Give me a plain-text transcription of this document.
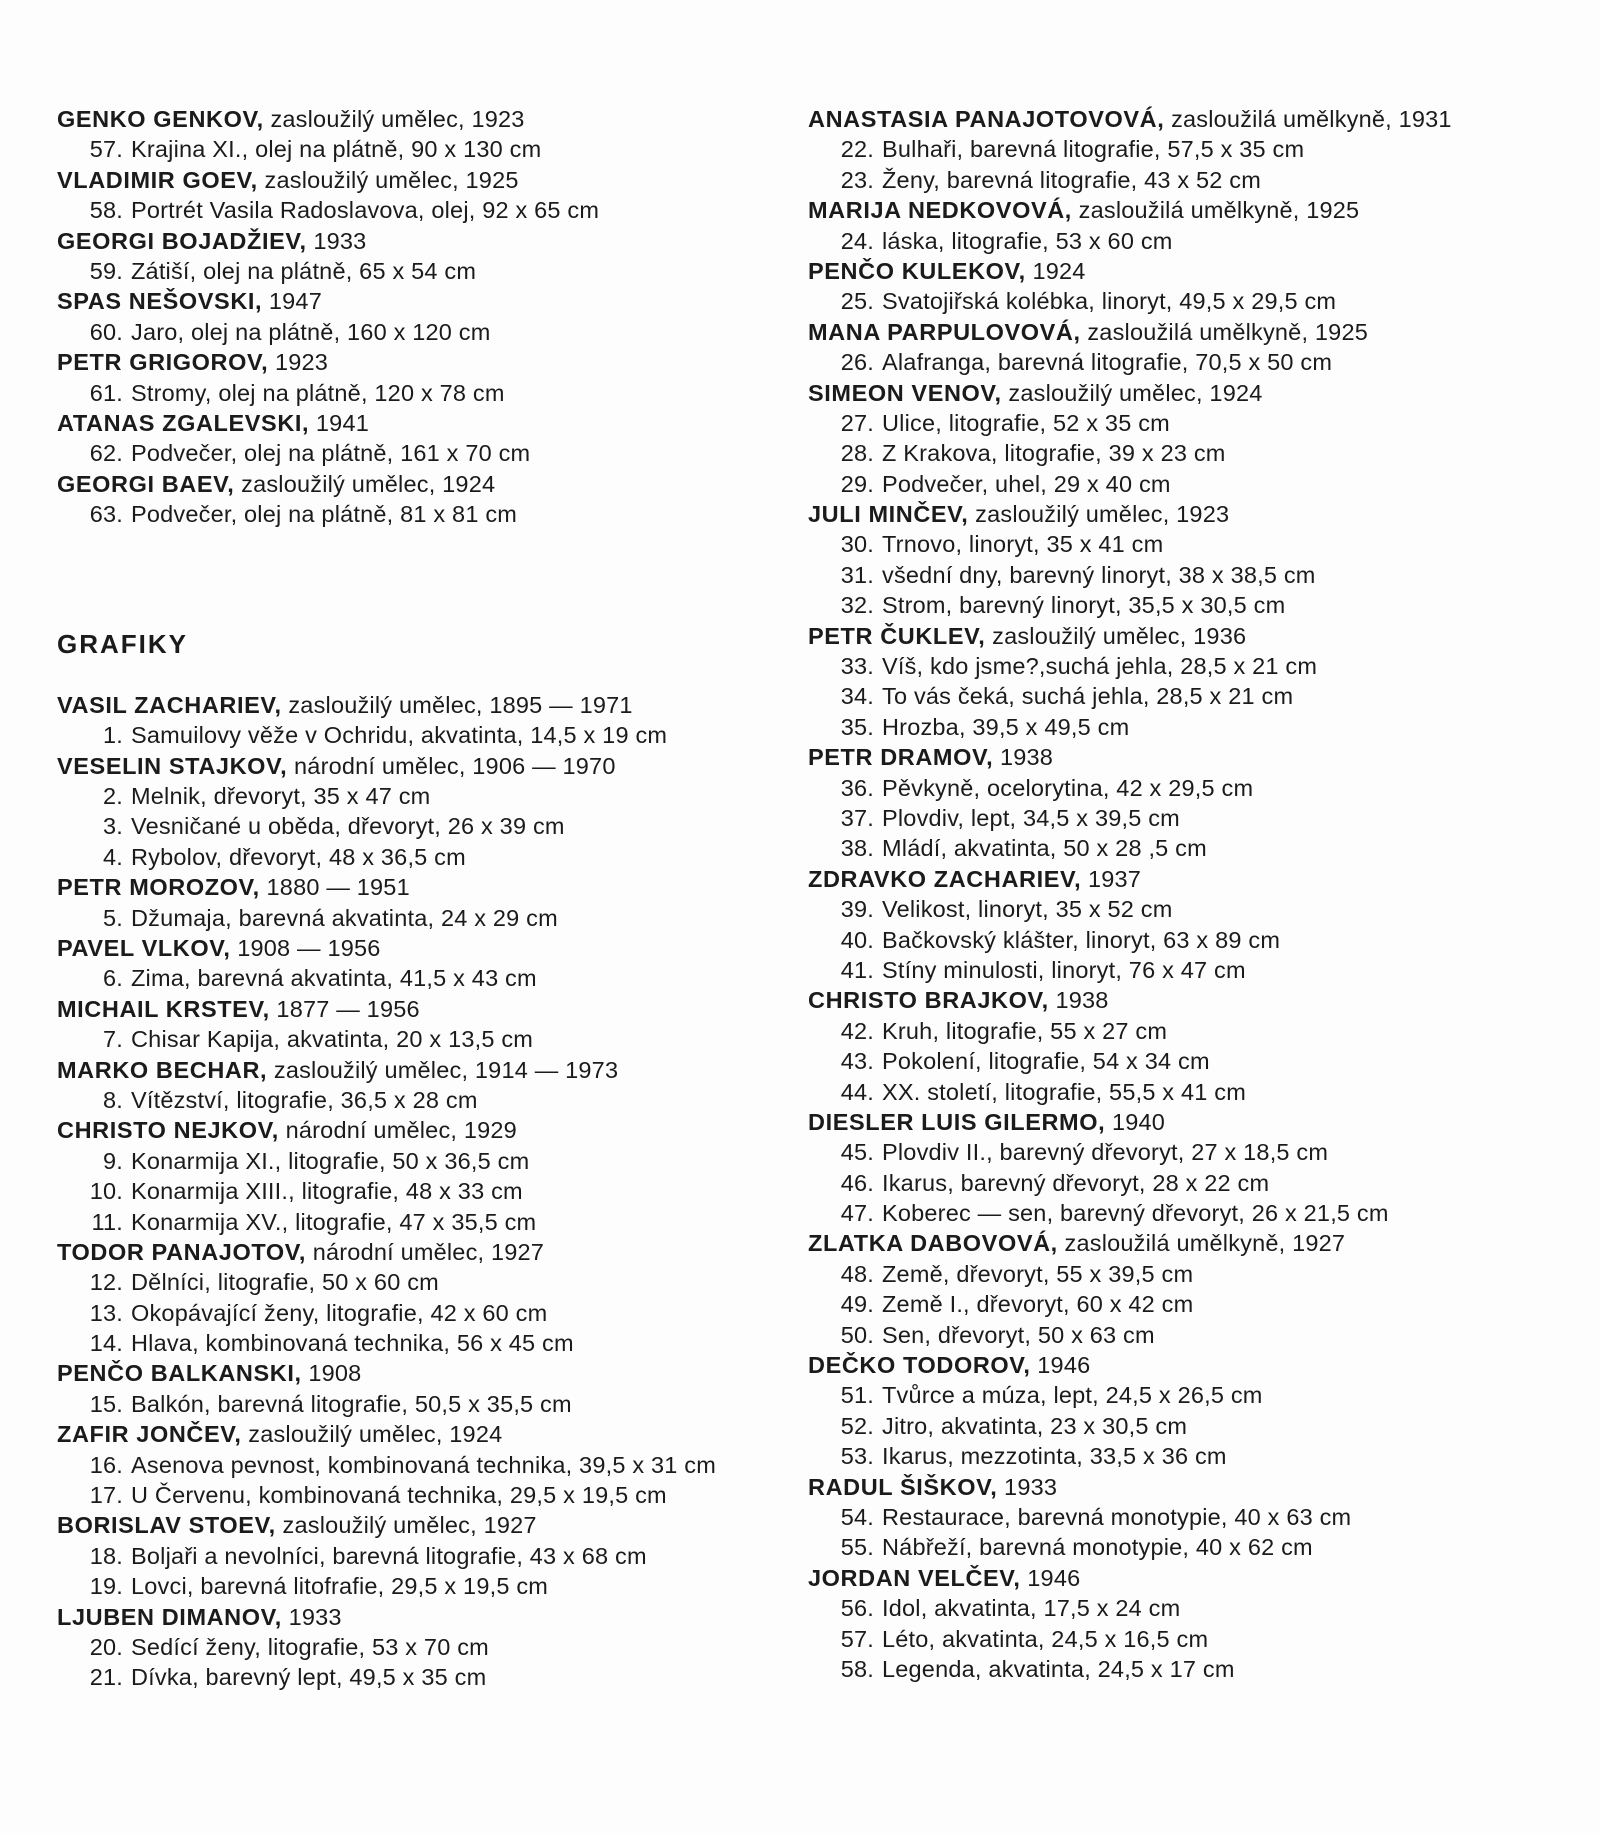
GENKO GENKOV, zasloužilý umělec, 1923
57. Krajina XI., olej na plátně, 90 x 130 cm
VLADIMIR GOEV, zasloužilý umělec, 1925
58. Portrét Vasila Radoslavova, olej, 92 x 65 cm
GEORGI BOJADŽIEV, 1933
59. Zátiší, olej na plátně, 65 x 54 cm
SPAS NEŠOVSKI, 1947
60. Jaro, olej na plátně, 160 x 120 cm
PETR GRIGOROV, 1923
61. Stromy, olej na plátně, 120 x 78 cm
ATANAS ZGALEVSKI, 1941
62. Podvečer, olej na plátně, 161 x 70 cm
GEORGI BAEV, zasloužilý umělec, 1924
63. Podvečer, olej na plátně, 81 x 81 cm
GRAFIKY
VASIL ZACHARIEV, zasloužilý umělec, 1895 — 1971
1. Samuilovy věže v Ochridu, akvatinta, 14,5 x 19 cm
VESELIN STAJKOV, národní umělec, 1906 — 1970
2. Melnik, dřevoryt, 35 x 47 cm
3. Vesničané u oběda, dřevoryt, 26 x 39 cm
4. Rybolov, dřevoryt, 48 x 36,5 cm
PETR MOROZOV, 1880 — 1951
5. Džumaja, barevná akvatinta, 24 x 29 cm
PAVEL VLKOV, 1908 — 1956
6. Zima, barevná akvatinta, 41,5 x 43 cm
MICHAIL KRSTEV, 1877 — 1956
7. Chisar Kapija, akvatinta, 20 x 13,5 cm
MARKO BECHAR, zasloužilý umělec, 1914 — 1973
8. Vítězství, litografie, 36,5 x 28 cm
CHRISTO NEJKOV, národní umělec, 1929
9. Konarmija XI., litografie, 50 x 36,5 cm
10. Konarmija XIII., litografie, 48 x 33 cm
11. Konarmija XV., litografie, 47 x 35,5 cm
TODOR PANAJOTOV, národní umělec, 1927
12. Dělníci, litografie, 50 x 60 cm
13. Okopávající ženy, litografie, 42 x 60 cm
14. Hlava, kombinovaná technika, 56 x 45 cm
PENČO BALKANSKI, 1908
15. Balkón, barevná litografie, 50,5 x 35,5 cm
ZAFIR JONČEV, zasloužilý umělec, 1924
16. Asenova pevnost, kombinovaná technika, 39,5 x 31 cm
17. U Červenu, kombinovaná technika, 29,5 x 19,5 cm
BORISLAV STOEV, zasloužilý umělec, 1927
18. Boljaři a nevolníci, barevná litografie, 43 x 68 cm
19. Lovci, barevná litofrafie, 29,5 x 19,5 cm
LJUBEN DIMANOV, 1933
20. Sedící ženy, litografie, 53 x 70 cm
21. Dívka, barevný lept, 49,5 x 35 cm
ANASTASIA PANAJOTOVOVÁ, zasloužilá umělkyně, 1931
22. Bulhaři, barevná litografie, 57,5 x 35 cm
23. Ženy, barevná litografie, 43 x 52 cm
MARIJA NEDKOVOVÁ, zasloužilá umělkyně, 1925
24. láska, litografie, 53 x 60 cm
PENČO KULEKOV, 1924
25. Svatojiřská kolébka, linoryt, 49,5 x 29,5 cm
MANA PARPULOVOVÁ, zasloužilá umělkyně, 1925
26. Alafranga, barevná litografie, 70,5 x 50 cm
SIMEON VENOV, zasloužilý umělec, 1924
27. Ulice, litografie, 52 x 35 cm
28. Z Krakova, litografie, 39 x 23 cm
29. Podvečer, uhel, 29 x 40 cm
JULI MINČEV, zasloužilý umělec, 1923
30. Trnovo, linoryt, 35 x 41 cm
31. všední dny, barevný linoryt, 38 x 38,5 cm
32. Strom, barevný linoryt, 35,5 x 30,5 cm
PETR ČUKLEV, zasloužilý umělec, 1936
33. Víš, kdo jsme?,suchá jehla, 28,5 x 21 cm
34. To vás čeká, suchá jehla, 28,5 x 21 cm
35. Hrozba, 39,5 x 49,5 cm
PETR DRAMOV, 1938
36. Pěvkyně, ocelorytina, 42 x 29,5 cm
37. Plovdiv, lept, 34,5 x 39,5 cm
38. Mládí, akvatinta, 50 x 28 ,5 cm
ZDRAVKO ZACHARIEV, 1937
39. Velikost, linoryt, 35 x 52 cm
40. Bačkovský klášter, linoryt, 63 x 89 cm
41. Stíny minulosti, linoryt, 76 x 47 cm
CHRISTO BRAJKOV, 1938
42. Kruh, litografie, 55 x 27 cm
43. Pokolení, litografie, 54 x 34 cm
44. XX. století, litografie, 55,5 x 41 cm
DIESLER LUIS GILERMO, 1940
45. Plovdiv II., barevný dřevoryt, 27 x 18,5 cm
46. Ikarus, barevný dřevoryt, 28 x 22 cm
47. Koberec — sen, barevný dřevoryt, 26 x 21,5 cm
ZLATKA DABOVOVÁ, zasloužilá umělkyně, 1927
48. Země, dřevoryt, 55 x 39,5 cm
49. Země I., dřevoryt, 60 x 42 cm
50. Sen, dřevoryt, 50 x 63 cm
DEČKO TODOROV, 1946
51. Tvůrce a múza, lept, 24,5 x 26,5 cm
52. Jitro, akvatinta, 23 x 30,5 cm
53. Ikarus, mezzotinta, 33,5 x 36 cm
RADUL ŠIŠKOV, 1933
54. Restaurace, barevná monotypie, 40 x 63 cm
55. Nábřeží, barevná monotypie, 40 x 62 cm
JORDAN VELČEV, 1946
56. Idol, akvatinta, 17,5 x 24 cm
57. Léto, akvatinta, 24,5 x 16,5 cm
58. Legenda, akvatinta, 24,5 x 17 cm
